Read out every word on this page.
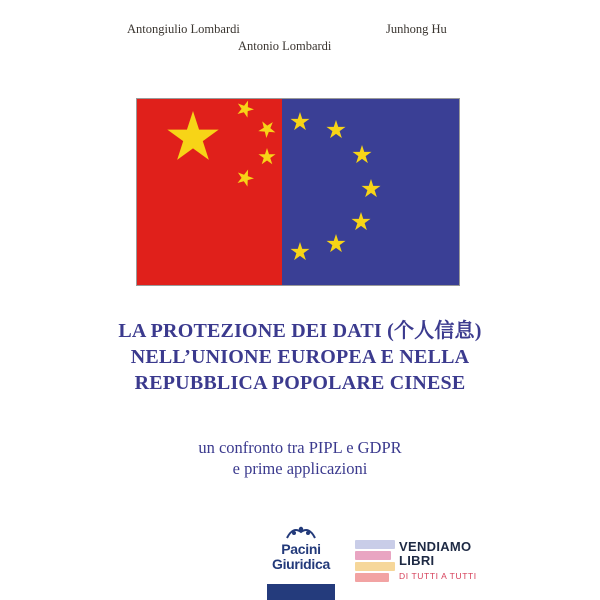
Antongiulio Lombardi	Junhong Hu
Antonio Lombardi
LA PROTEZIONE DEI DATI (个人信息)
NELL’UNIONE EUROPEA E NELLA
REPUBBLICA POPOLARE CINESE
un confronto tra PIPL e GDPR
e prime applicazioni
Pacini
Giuridica
VENDIAMO
LIBRI
DI TUTTI A TUTTI
